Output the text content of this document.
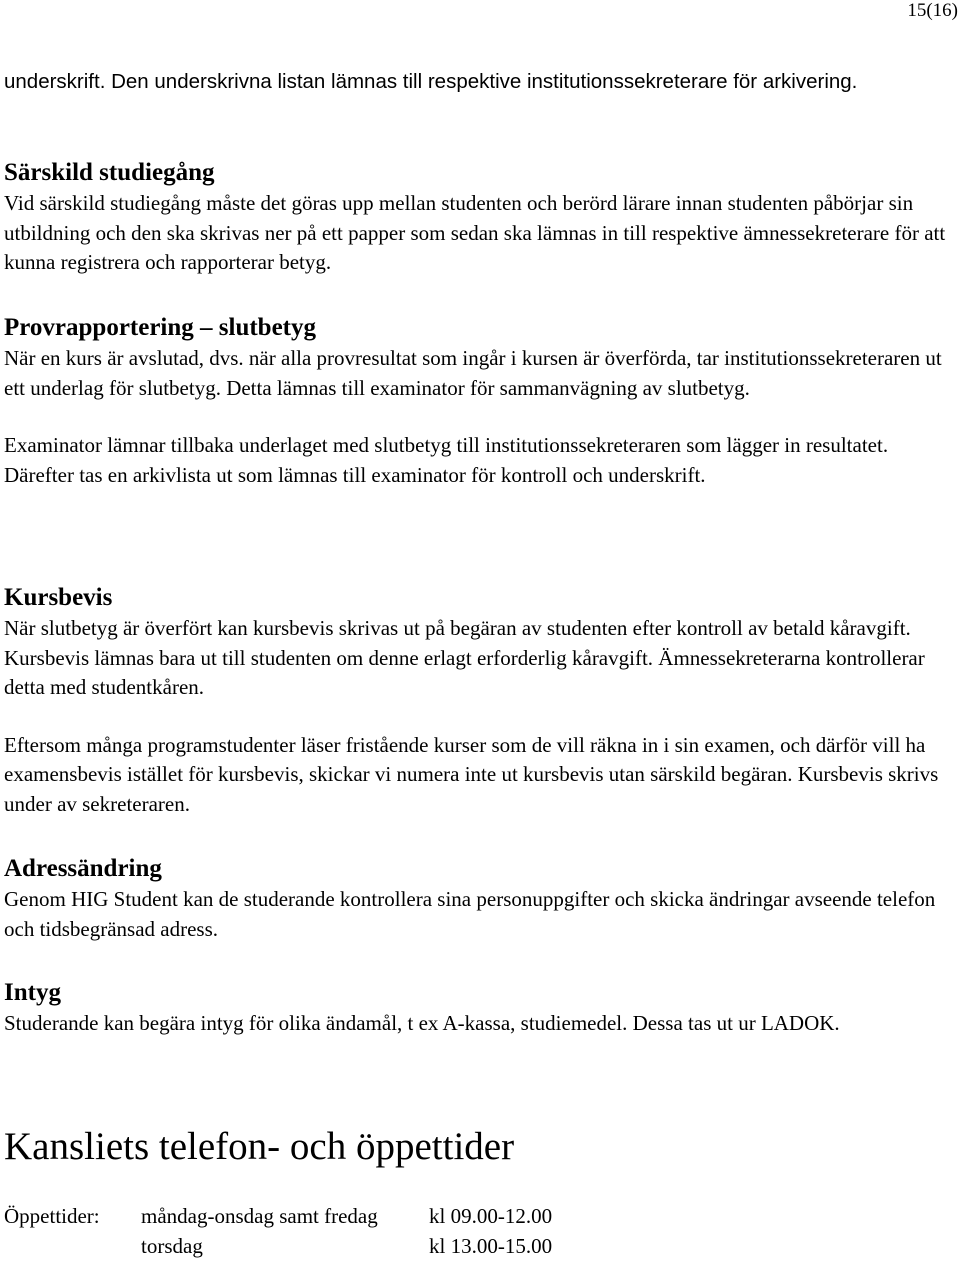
15(16)

underskrift. Den underskrivna listan lämnas till respektive institutionssekreterare för arkivering.

Särskild studiegång

Vid särskild studiegång måste det göras upp mellan studenten och berörd lärare innan studenten påbörjar sin utbildning och den ska skrivas ner på ett papper som sedan ska lämnas in till respektive ämnessekreterare för att kunna registrera och rapporterar betyg.

Provrapportering – slutbetyg

När en kurs är avslutad, dvs. när alla provresultat som ingår i kursen är överförda, tar institutionssekreteraren ut ett underlag för slutbetyg. Detta lämnas till examinator för sammanvägning av slutbetyg.

Examinator lämnar tillbaka underlaget med slutbetyg till institutionssekreteraren som lägger in resultatet. Därefter tas en arkivlista ut som lämnas till examinator för kontroll och underskrift.

Kursbevis

När slutbetyg är överfört kan kursbevis skrivas ut på begäran av studenten efter kontroll av betald kåravgift. Kursbevis lämnas bara ut till studenten om denne erlagt erforderlig kåravgift. Ämnessekreterarna kontrollerar detta med studentkåren.

Eftersom många programstudenter läser fristående kurser som de vill räkna in i sin examen, och därför vill ha examensbevis istället för kursbevis, skickar vi numera inte ut kursbevis utan särskild begäran. Kursbevis skrivs under av sekreteraren.

Adressändring

Genom HIG Student kan de studerande kontrollera sina personuppgifter och skicka ändringar avseende telefon och tidsbegränsad adress.

Intyg

Studerande kan begära intyg för olika ändamål, t ex A-kassa, studiemedel. Dessa tas ut ur LADOK.

Kansliets telefon- och öppettider
Öppettider: måndag-onsdag samt fredag kl 09.00-12.00
torsdag	kl 13.00-15.00
